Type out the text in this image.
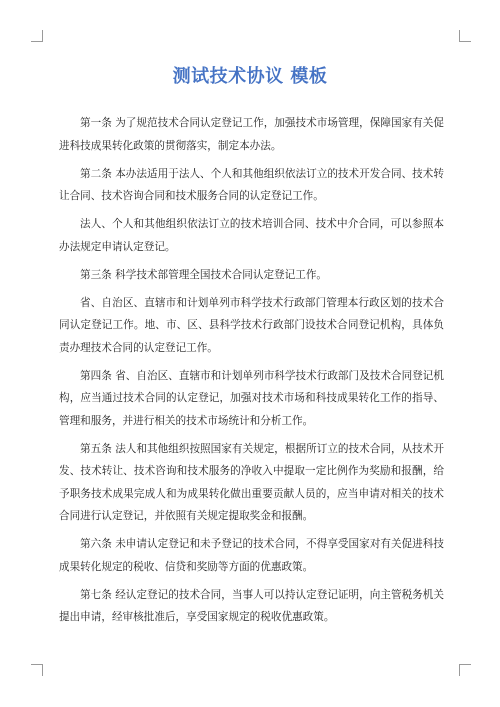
测试技术协议 模板

第一条 为了规范技术合同认定登记工作，加强技术市场管理，保障国家有关促进科技成果转化政策的贯彻落实，制定本办法。

第二条 本办法适用于法人、个人和其他组织依法订立的技术开发合同、技术转让合同、技术咨询合同和技术服务合同的认定登记工作。

法人、个人和其他组织依法订立的技术培训合同、技术中介合同，可以参照本办法规定申请认定登记。

第三条 科学技术部管理全国技术合同认定登记工作。

省、自治区、直辖市和计划单列市科学技术行政部门管理本行政区划的技术合同认定登记工作。地、市、区、县科学技术行政部门设技术合同登记机构，具体负责办理技术合同的认定登记工作。

第四条 省、自治区、直辖市和计划单列市科学技术行政部门及技术合同登记机构，应当通过技术合同的认定登记，加强对技术市场和科技成果转化工作的指导、管理和服务，并进行相关的技术市场统计和分析工作。

第五条 法人和其他组织按照国家有关规定，根据所订立的技术合同，从技术开发、技术转让、技术咨询和技术服务的净收入中提取一定比例作为奖励和报酬，给予职务技术成果完成人和为成果转化做出重要贡献人员的，应当申请对相关的技术合同进行认定登记，并依照有关规定提取奖金和报酬。

第六条 未申请认定登记和未予登记的技术合同，不得享受国家对有关促进科技成果转化规定的税收、信贷和奖励等方面的优惠政策。

第七条 经认定登记的技术合同，当事人可以持认定登记证明，向主管税务机关提出申请，经审核批准后，享受国家规定的税收优惠政策。
